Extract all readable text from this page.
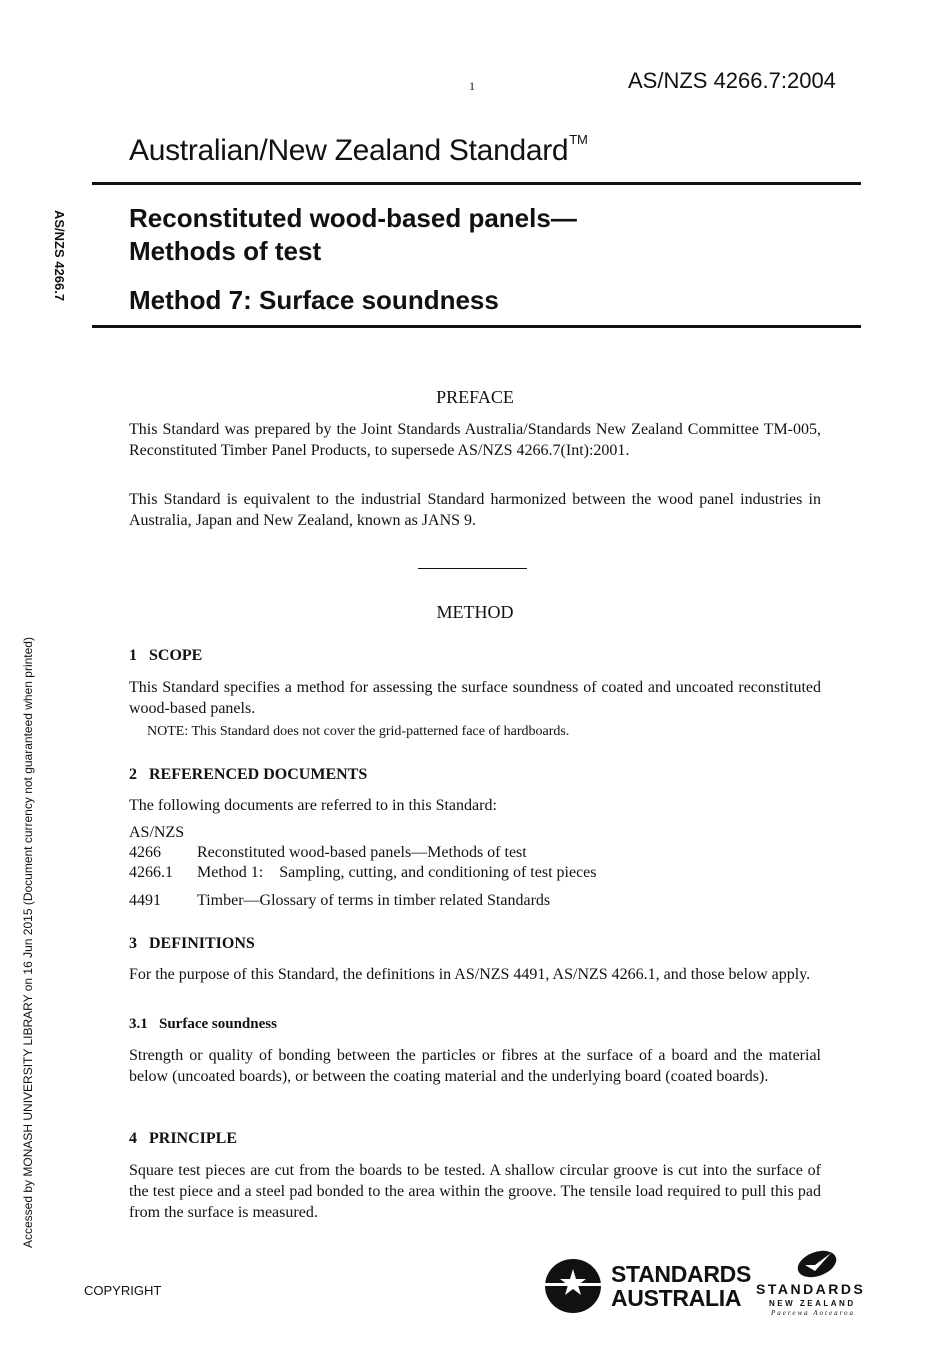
1	AS/NZS 4266.7:2004
Australian/New Zealand Standard™
Reconstituted wood-based panels—
Methods of test
Method 7: Surface soundness
AS/NZS 4266.7
Accessed by MONASH UNIVERSITY LIBRARY on 16 Jun 2015 (Document currency not guaranteed when printed)
PREFACE
This Standard was prepared by the Joint Standards Australia/Standards New Zealand Committee TM-005, Reconstituted Timber Panel Products, to supersede AS/NZS 4266.7(Int):2001.
This Standard is equivalent to the industrial Standard harmonized between the wood panel industries in Australia, Japan and New Zealand, known as JANS 9.
METHOD
1   SCOPE
This Standard specifies a method for assessing the surface soundness of coated and uncoated reconstituted wood-based panels.
NOTE: This Standard does not cover the grid-patterned face of hardboards.
2   REFERENCED DOCUMENTS
The following documents are referred to in this Standard:
AS/NZS
4266 Reconstituted wood-based panels—Methods of test
4266.1 Method 1:    Sampling, cutting, and conditioning of test pieces
4491 Timber—Glossary of terms in timber related Standards
3   DEFINITIONS
For the purpose of this Standard, the definitions in AS/NZS 4491, AS/NZS 4266.1, and those below apply.
3.1   Surface soundness
Strength or quality of bonding between the particles or fibres at the surface of a board and the material below (uncoated boards), or between the coating material and the underlying board (coated boards).
4   PRINCIPLE
Square test pieces are cut from the boards to be tested. A shallow circular groove is cut into the surface of the test piece and a steel pad bonded to the area within the groove. The tensile load required to pull this pad from the surface is measured.
COPYRIGHT
STANDARDS
AUSTRALIA	STANDARDS
NEW ZEALAND
Paerewa Aotearoa
